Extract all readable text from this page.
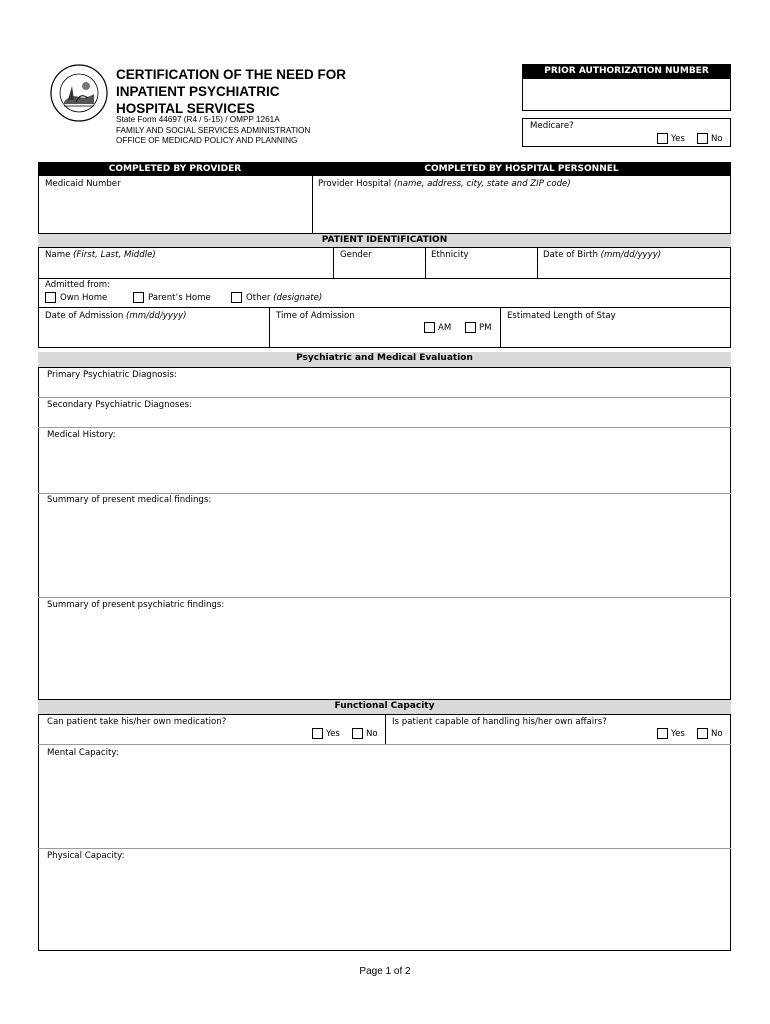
CERTIFICATION OF THE NEED FOR
INPATIENT PSYCHIATRIC
HOSPITAL SERVICES
State Form 44697 (R4 / 5-15) / OMPP 1261A
FAMILY AND SOCIAL SERVICES ADMINISTRATION
OFFICE OF MEDICAID POLICY AND PLANNING
PRIOR AUTHORIZATION NUMBER
Medicare?
Yes	No
COMPLETED BY PROVIDER	COMPLETED BY HOSPITAL PERSONNEL
Medicaid Number	Provider Hospital (name, address, city, state and ZIP code)
PATIENT IDENTIFICATION
Name (First, Last, Middle)	Gender	Ethnicity	Date of Birth (mm/dd/yyyy)
Admitted from:
Own Home	Parent’s Home	Other (designate)
Date of Admission (mm/dd/yyyy)	Time of Admission
AM	PM
Estimated Length of Stay
Psychiatric and Medical Evaluation
Primary Psychiatric Diagnosis:
Secondary Psychiatric Diagnoses:
Medical History:
Summary of present medical findings:
Summary of present psychiatric findings:
Functional Capacity
Can patient take his/her own medication?
Yes	No
Is patient capable of handling his/her own affairs?
Yes	No
Mental Capacity:
Physical Capacity:
Page 1 of 2
